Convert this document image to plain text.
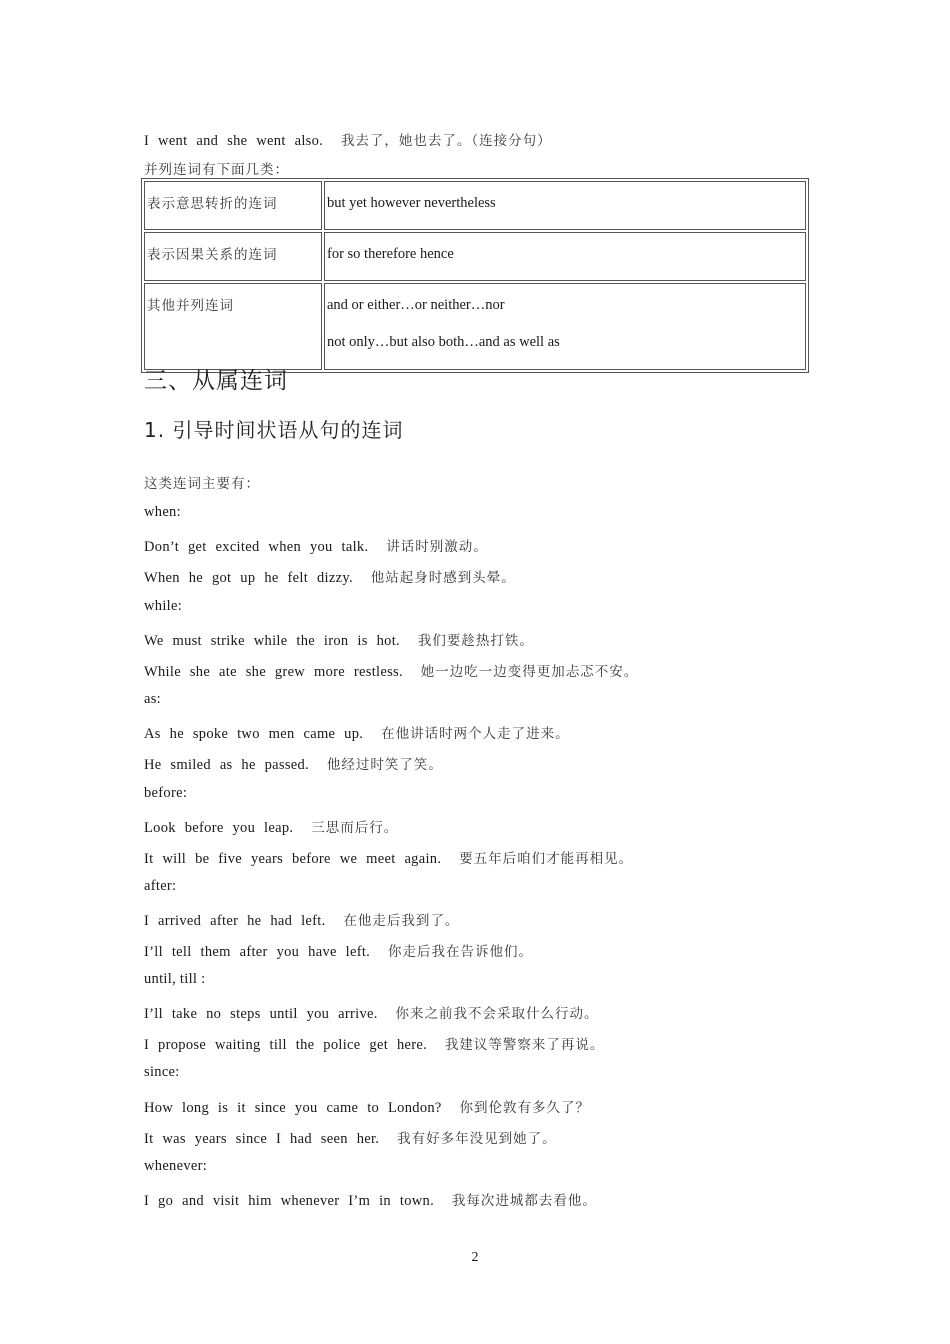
I went and she went also. 我去了，她也去了。（连接分句）
并列连词有下面几类：
表示意思转折的连词	but yet however nevertheless
表示因果关系的连词	for so therefore hence
其他并列连词	and or either…or neither…nor
not only…but also both…and as well as
三、从属连词
1. 引导时间状语从句的连词
这类连词主要有：
when:
Don’t get excited when you talk. 讲话时别激动。
When he got up he felt dizzy. 他站起身时感到头晕。
while:
We must strike while the iron is hot. 我们要趁热打铁。
While she ate she grew more restless. 她一边吃一边变得更加忐忑不安。
as:
As he spoke two men came up. 在他讲话时两个人走了进来。
He smiled as he passed. 他经过时笑了笑。
before:
Look before you leap. 三思而后行。
It will be five years before we meet again. 要五年后咱们才能再相见。
after:
I arrived after he had left. 在他走后我到了。
I’ll tell them after you have left. 你走后我在告诉他们。
until, till :
I’ll take no steps until you arrive. 你来之前我不会采取什么行动。
I propose waiting till the police get here. 我建议等警察来了再说。
since:
How long is it since you came to London? 你到伦敦有多久了？
It was years since I had seen her. 我有好多年没见到她了。
whenever:
I go and visit him whenever I’m in town. 我每次进城都去看他。
2
